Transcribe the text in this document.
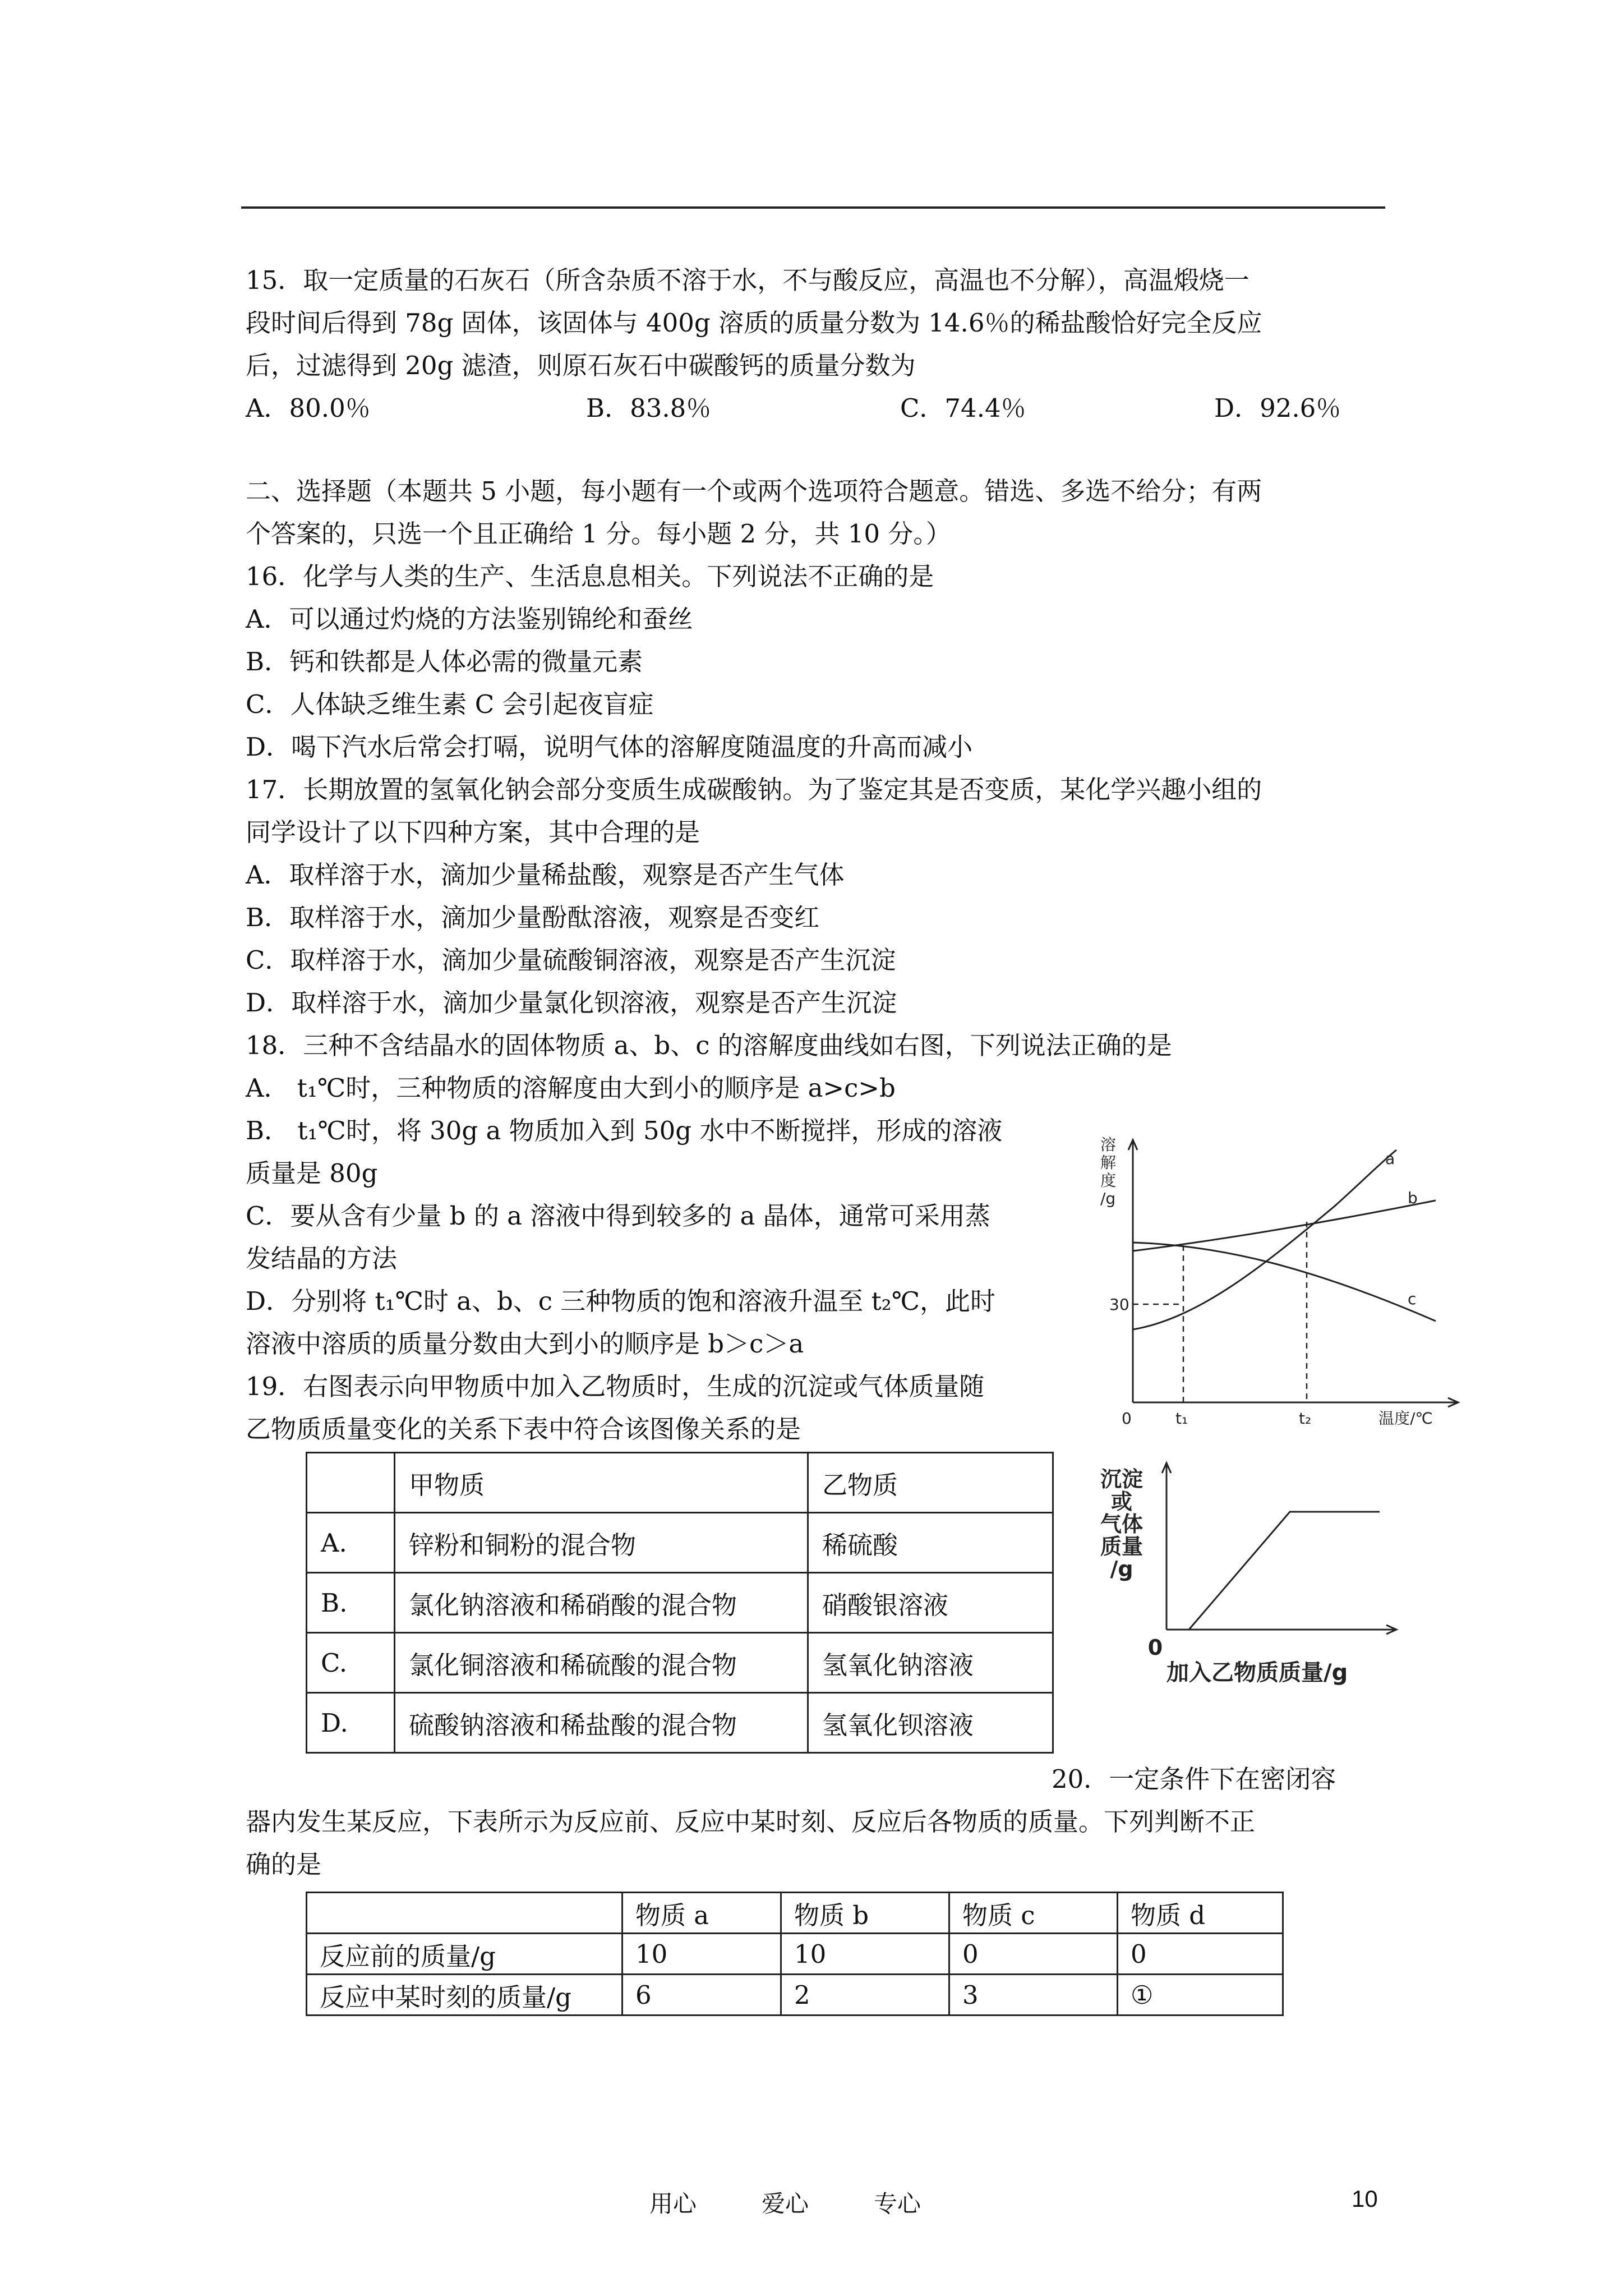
15．取一定质量的石灰石（所含杂质不溶于水，不与酸反应，高温也不分解），高温煅烧一
段时间后得到 78g 固体，该固体与 400g 溶质的质量分数为 14.6％的稀盐酸恰好完全反应
后，过滤得到 20g 滤渣，则原石灰石中碳酸钙的质量分数为
A．80.0％	B．83.8％	C．74.4％	D．92.6％
二、选择题（本题共 5 小题，每小题有一个或两个选项符合题意。错选、多选不给分；有两
个答案的，只选一个且正确给 1 分。每小题 2 分，共 10 分。）
16．化学与人类的生产、生活息息相关。下列说法不正确的是
A．可以通过灼烧的方法鉴别锦纶和蚕丝
B．钙和铁都是人体必需的微量元素
C．人体缺乏维生素 C 会引起夜盲症
D．喝下汽水后常会打嗝，说明气体的溶解度随温度的升高而减小
17．长期放置的氢氧化钠会部分变质生成碳酸钠。为了鉴定其是否变质，某化学兴趣小组的
同学设计了以下四种方案，其中合理的是
A．取样溶于水，滴加少量稀盐酸，观察是否产生气体
B．取样溶于水，滴加少量酚酞溶液，观察是否变红
C．取样溶于水，滴加少量硫酸铜溶液，观察是否产生沉淀
D．取样溶于水，滴加少量氯化钡溶液，观察是否产生沉淀
18．三种不含结晶水的固体物质 a、b、c 的溶解度曲线如右图，下列说法正确的是
A． t₁℃时，三种物质的溶解度由大到小的顺序是 a>c>b
B． t₁℃时，将 30g a 物质加入到 50g 水中不断搅拌，形成的溶液
质量是 80g
C．要从含有少量 b 的 a 溶液中得到较多的 a 晶体，通常可采用蒸
发结晶的方法
D．分别将 t₁℃时 a、b、c 三种物质的饱和溶液升温至 t₂℃，此时
溶液中溶质的质量分数由大到小的顺序是 b＞c＞a
溶
解
度
/g
30
0	t₁	t₂	温度/℃
a
b
c
19．右图表示向甲物质中加入乙物质时，生成的沉淀或气体质量随
乙物质质量变化的关系下表中符合该图像关系的是
	甲物质	乙物质
A.	锌粉和铜粉的混合物	稀硫酸
B.	氯化钠溶液和稀硝酸的混合物	硝酸银溶液
C.	氯化铜溶液和稀硫酸的混合物	氢氧化钠溶液
D.	硫酸钠溶液和稀盐酸的混合物	氢氧化钡溶液
沉淀
或
气体
质量
/g
0
加入乙物质质量/g
20．一定条件下在密闭容
器内发生某反应，下表所示为反应前、反应中某时刻、反应后各物质的质量。下列判断不正
确的是
	物质 a	物质 b	物质 c	物质 d
反应前的质量/g	10	10	0	0
反应中某时刻的质量/g	6	2	3	①
用心	爱心	专心	10
